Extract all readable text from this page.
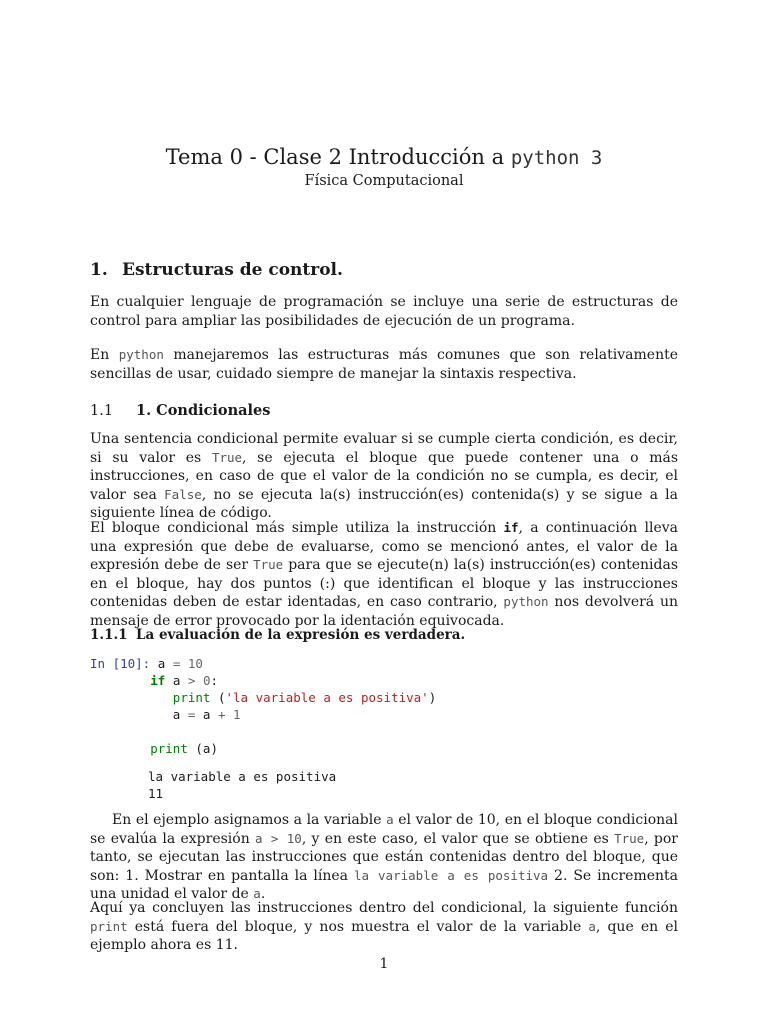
Tema 0 - Clase 2 Introducción a python 3
Física Computacional
1. Estructuras de control.

En cualquier lenguaje de programación se incluye una serie de estructuras de control para ampliar las posibilidades de ejecución de un programa.

En python manejaremos las estructuras más comunes que son relativamente sencillas de usar, cuidado siempre de manejar la sintaxis respectiva.

1.1 1. Condicionales

Una sentencia condicional permite evaluar si se cumple cierta condición, es decir, si su valor es True, se ejecuta el bloque que puede contener una o más instrucciones, en caso de que el valor de la condición no se cumpla, es decir, el valor sea False, no se ejecuta la(s) instrucción(es) contenida(s) y se sigue a la siguiente línea de código.

El bloque condicional más simple utiliza la instrucción if, a continuación lleva una expresión que debe de evaluarse, como se mencionó antes, el valor de la expresión debe de ser True para que se ejecute(n) la(s) instrucción(es) contenidas en el bloque, hay dos puntos (:) que identifican el bloque y las instrucciones contenidas deben de estar identadas, en caso contrario, python nos devolverá un mensaje de error provocado por la identación equivocada.

1.1.1 La evaluación de la expresión es verdadera.
In [10]: a = 10
if a > 0:
print ('la variable a es positiva')
a = a + 1

print (a)

la variable a es positiva
11

En el ejemplo asignamos a la variable a el valor de 10, en el bloque condicional se evalúa la expresión a > 10, y en este caso, el valor que se obtiene es True, por tanto, se ejecutan las instrucciones que están contenidas dentro del bloque, que son: 1. Mostrar en pantalla la línea la variable a es positiva 2. Se incrementa una unidad el valor de a.

Aquí ya concluyen las instrucciones dentro del condicional, la siguiente función print está fuera del bloque, y nos muestra el valor de la variable a, que en el ejemplo ahora es 11.

1
